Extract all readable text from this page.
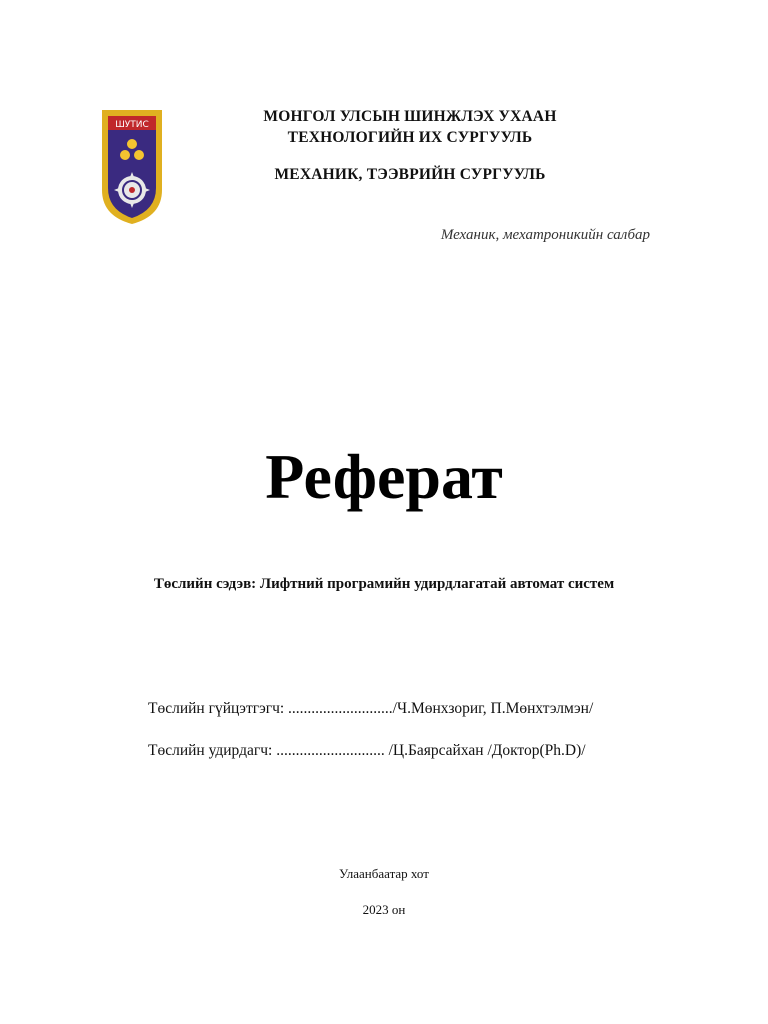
ШУТИС	МОНГОЛ УЛСЫН ШИНЖЛЭХ УХААН
ТЕХНОЛОГИЙН ИХ СУРГУУЛЬ
МЕХАНИК, ТЭЭВРИЙН СУРГУУЛЬ
Механик, мехатроникийн салбар
Реферат
Төслийн сэдэв: Лифтний програмийн удирдлагатай автомат систем
Төслийн гүйцэтгэгч: .........................../Ч.Мөнхзориг, П.Мөнхтэлмэн/
Төслийн удирдагч: ............................ /Ц.Баярсайхан /Доктор(Ph.D)/
Улаанбаатар хот
2023 он
